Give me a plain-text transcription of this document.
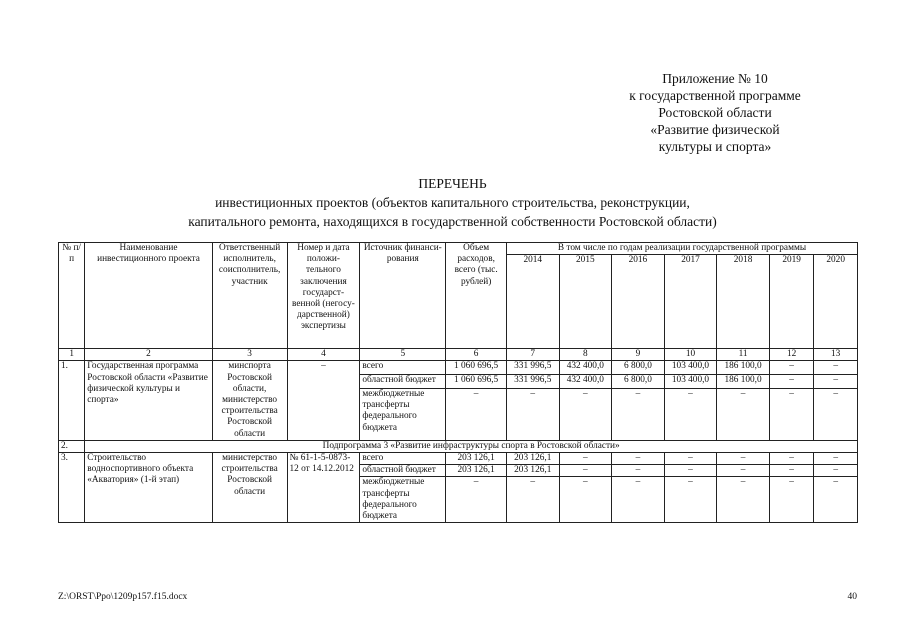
Приложение № 10
к государственной программе
Ростовской области
«Развитие физической
культуры и спорта»
ПЕРЕЧЕНЬ
инвестиционных проектов (объектов капитального строительства, реконструкции,
капитального ремонта, находящихся в государственной собственности Ростовской области)
№ п/п	Наименование инвестиционного проекта	Ответственный исполнитель, соисполнитель, участник	Номер и дата положи-тельного заключения государст-венной (негосу-дарственной) экспертизы	Источник финанси-рования	Объем расходов, всего (тыс. рублей)	В том числе по годам реализации государственной программы						
						2014	2015	2016	2017	2018	2019	2020
1	2	3	4	5	6	7	8	9	10	11	12	13
1.	Государственная программа Ростовской области «Развитие физической культуры и спорта»	минспорта Ростовской области, министерство строительства Ростовской области	–	всего	1 060 696,5	331 996,5	432 400,0	6 800,0	103 400,0	186 100,0	–	–
				областной бюджет	1 060 696,5	331 996,5	432 400,0	6 800,0	103 400,0	186 100,0	–	–
				межбюджетные трансферты федерального бюджета	–	–	–	–	–	–	–	–
2.	Подпрограмма 3 «Развитие инфраструктуры спорта в Ростовской области»											
3.	Строительство водноспортивного объекта «Акватория» (1-й этап)	министерство строительства Ростовской области	№ 61-1-5-0873-12 от 14.12.2012	всего	203 126,1	203 126,1	–	–	–	–	–	–
				областной бюджет	203 126,1	203 126,1	–	–	–	–	–	–
				межбюджетные трансферты федерального бюджета	–	–	–	–	–	–	–	–
Z:\ORST\Ppo\1209p157.f15.docx	40
